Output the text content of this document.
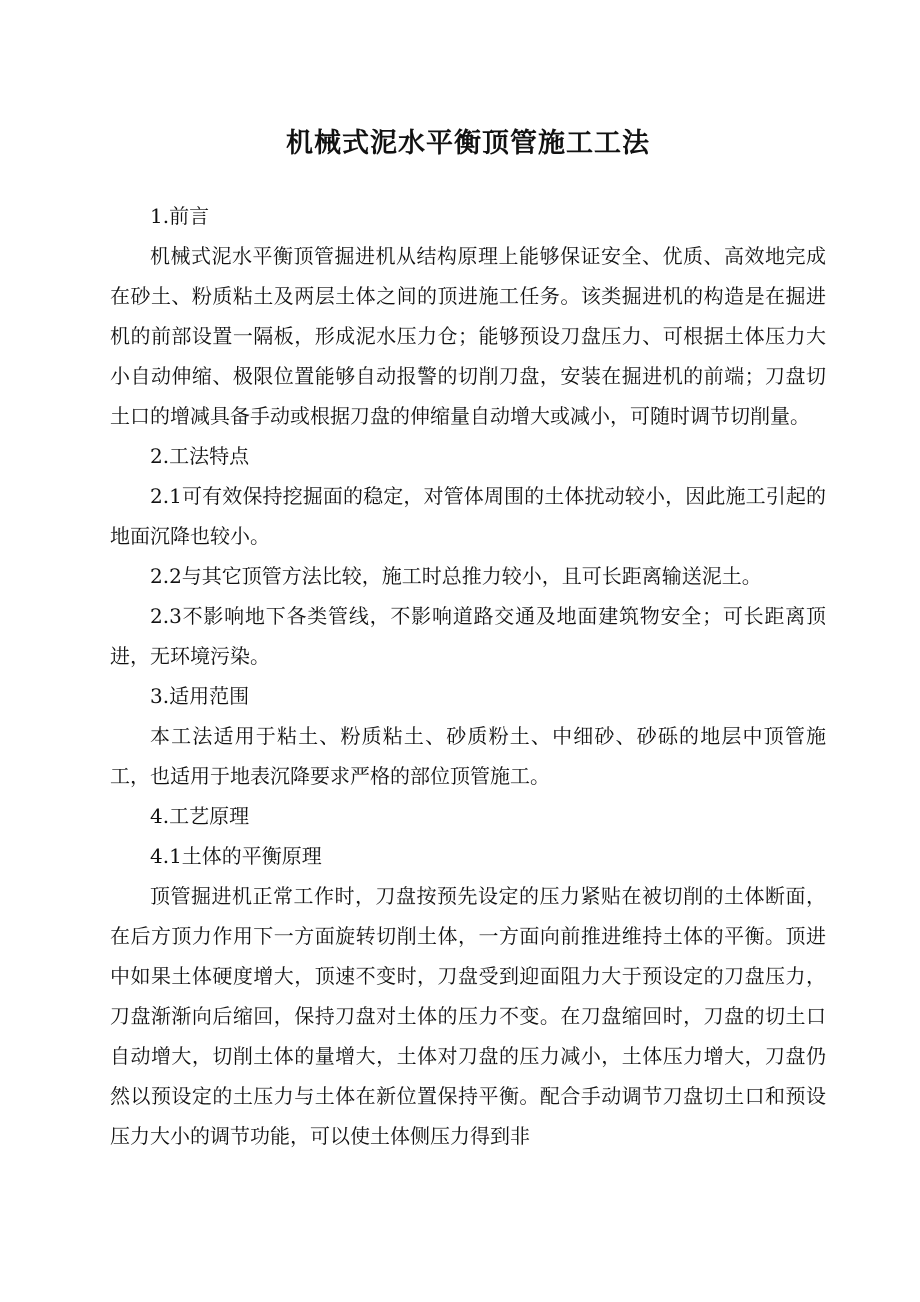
机械式泥水平衡顶管施工工法

1.前言

机械式泥水平衡顶管掘进机从结构原理上能够保证安全、优质、高效地完成在砂土、粉质粘土及两层土体之间的顶进施工任务。该类掘进机的构造是在掘进机的前部设置一隔板，形成泥水压力仓；能够预设刀盘压力、可根据土体压力大小自动伸缩、极限位置能够自动报警的切削刀盘，安装在掘进机的前端；刀盘切土口的增减具备手动或根据刀盘的伸缩量自动增大或减小，可随时调节切削量。

2.工法特点

2.1可有效保持挖掘面的稳定，对管体周围的土体扰动较小，因此施工引起的地面沉降也较小。

2.2与其它顶管方法比较，施工时总推力较小，且可长距离输送泥土。

2.3不影响地下各类管线，不影响道路交通及地面建筑物安全；可长距离顶进，无环境污染。

3.适用范围

本工法适用于粘土、粉质粘土、砂质粉土、中细砂、砂砾的地层中顶管施工，也适用于地表沉降要求严格的部位顶管施工。

4.工艺原理

4.1土体的平衡原理

顶管掘进机正常工作时，刀盘按预先设定的压力紧贴在被切削的土体断面，在后方顶力作用下一方面旋转切削土体，一方面向前推进维持土体的平衡。顶进中如果土体硬度增大，顶速不变时，刀盘受到迎面阻力大于预设定的刀盘压力，刀盘渐渐向后缩回，保持刀盘对土体的压力不变。在刀盘缩回时，刀盘的切土口自动增大，切削土体的量增大，土体对刀盘的压力减小，土体压力增大，刀盘仍然以预设定的土压力与土体在新位置保持平衡。配合手动调节刀盘切土口和预设压力大小的调节功能，可以使土体侧压力得到非
